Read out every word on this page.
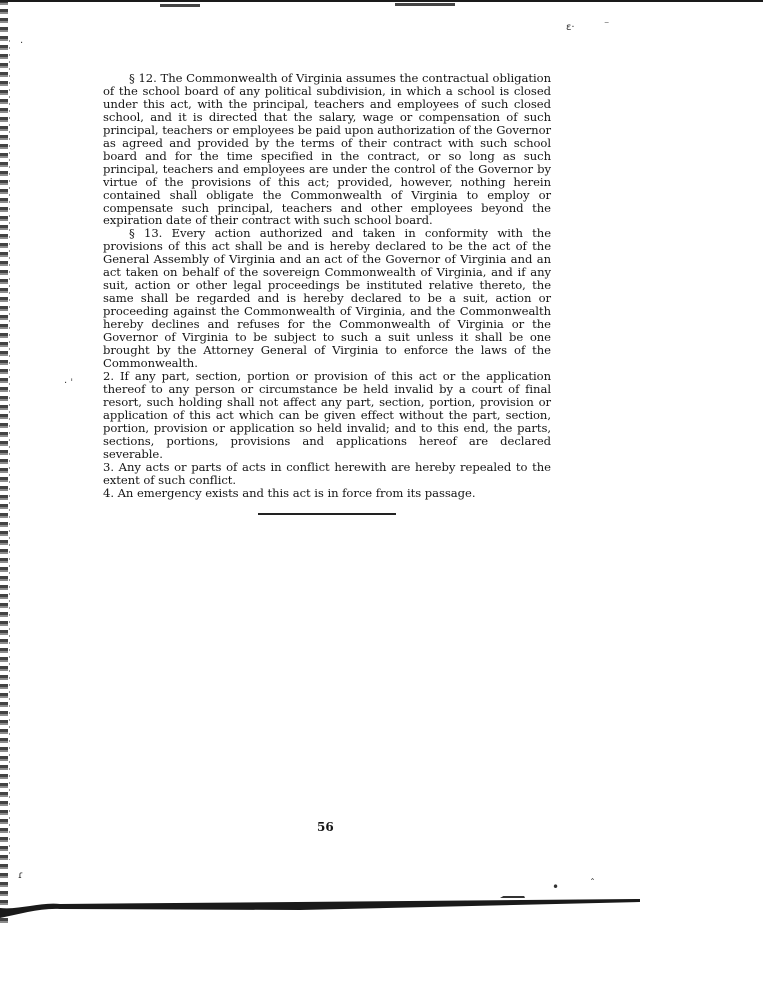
ɛ·	⁻
·
· ˈ
•	ˆ
ɾ

§ 12. The Commonwealth of Virginia assumes the contractual obligation of the school board of any political subdivision, in which a school is closed under this act, with the principal, teachers and employees of such closed school, and it is directed that the salary, wage or compensation of such principal, teachers or employees be paid upon authorization of the Governor as agreed and provided by the terms of their contract with such school board and for the time specified in the contract, or so long as such principal, teachers and employees are under the control of the Governor by virtue of the provisions of this act; provided, however, nothing herein contained shall obligate the Commonwealth of Virginia to employ or compensate such principal, teachers and other employees beyond the expiration date of their contract with such school board.

§ 13. Every action authorized and taken in conformity with the provisions of this act shall be and is hereby declared to be the act of the General Assembly of Virginia and an act of the Governor of Virginia and an act taken on behalf of the sovereign Commonwealth of Virginia, and if any suit, action or other legal proceedings be instituted relative thereto, the same shall be regarded and is hereby declared to be a suit, action or proceeding against the Commonwealth of Virginia, and the Commonwealth hereby declines and refuses for the Commonwealth of Virginia or the Governor of Virginia to be subject to such a suit unless it shall be one brought by the Attorney General of Virginia to enforce the laws of the Commonwealth.

2. If any part, section, portion or provision of this act or the application thereof to any person or circumstance be held invalid by a court of final resort, such holding shall not affect any part, section, portion, provision or application of this act which can be given effect without the part, section, portion, provision or application so held invalid; and to this end, the parts, sections, portions, provisions and applications hereof are declared severable.

3. Any acts or parts of acts in conflict herewith are hereby repealed to the extent of such conflict.

4. An emergency exists and this act is in force from its passage.

56
